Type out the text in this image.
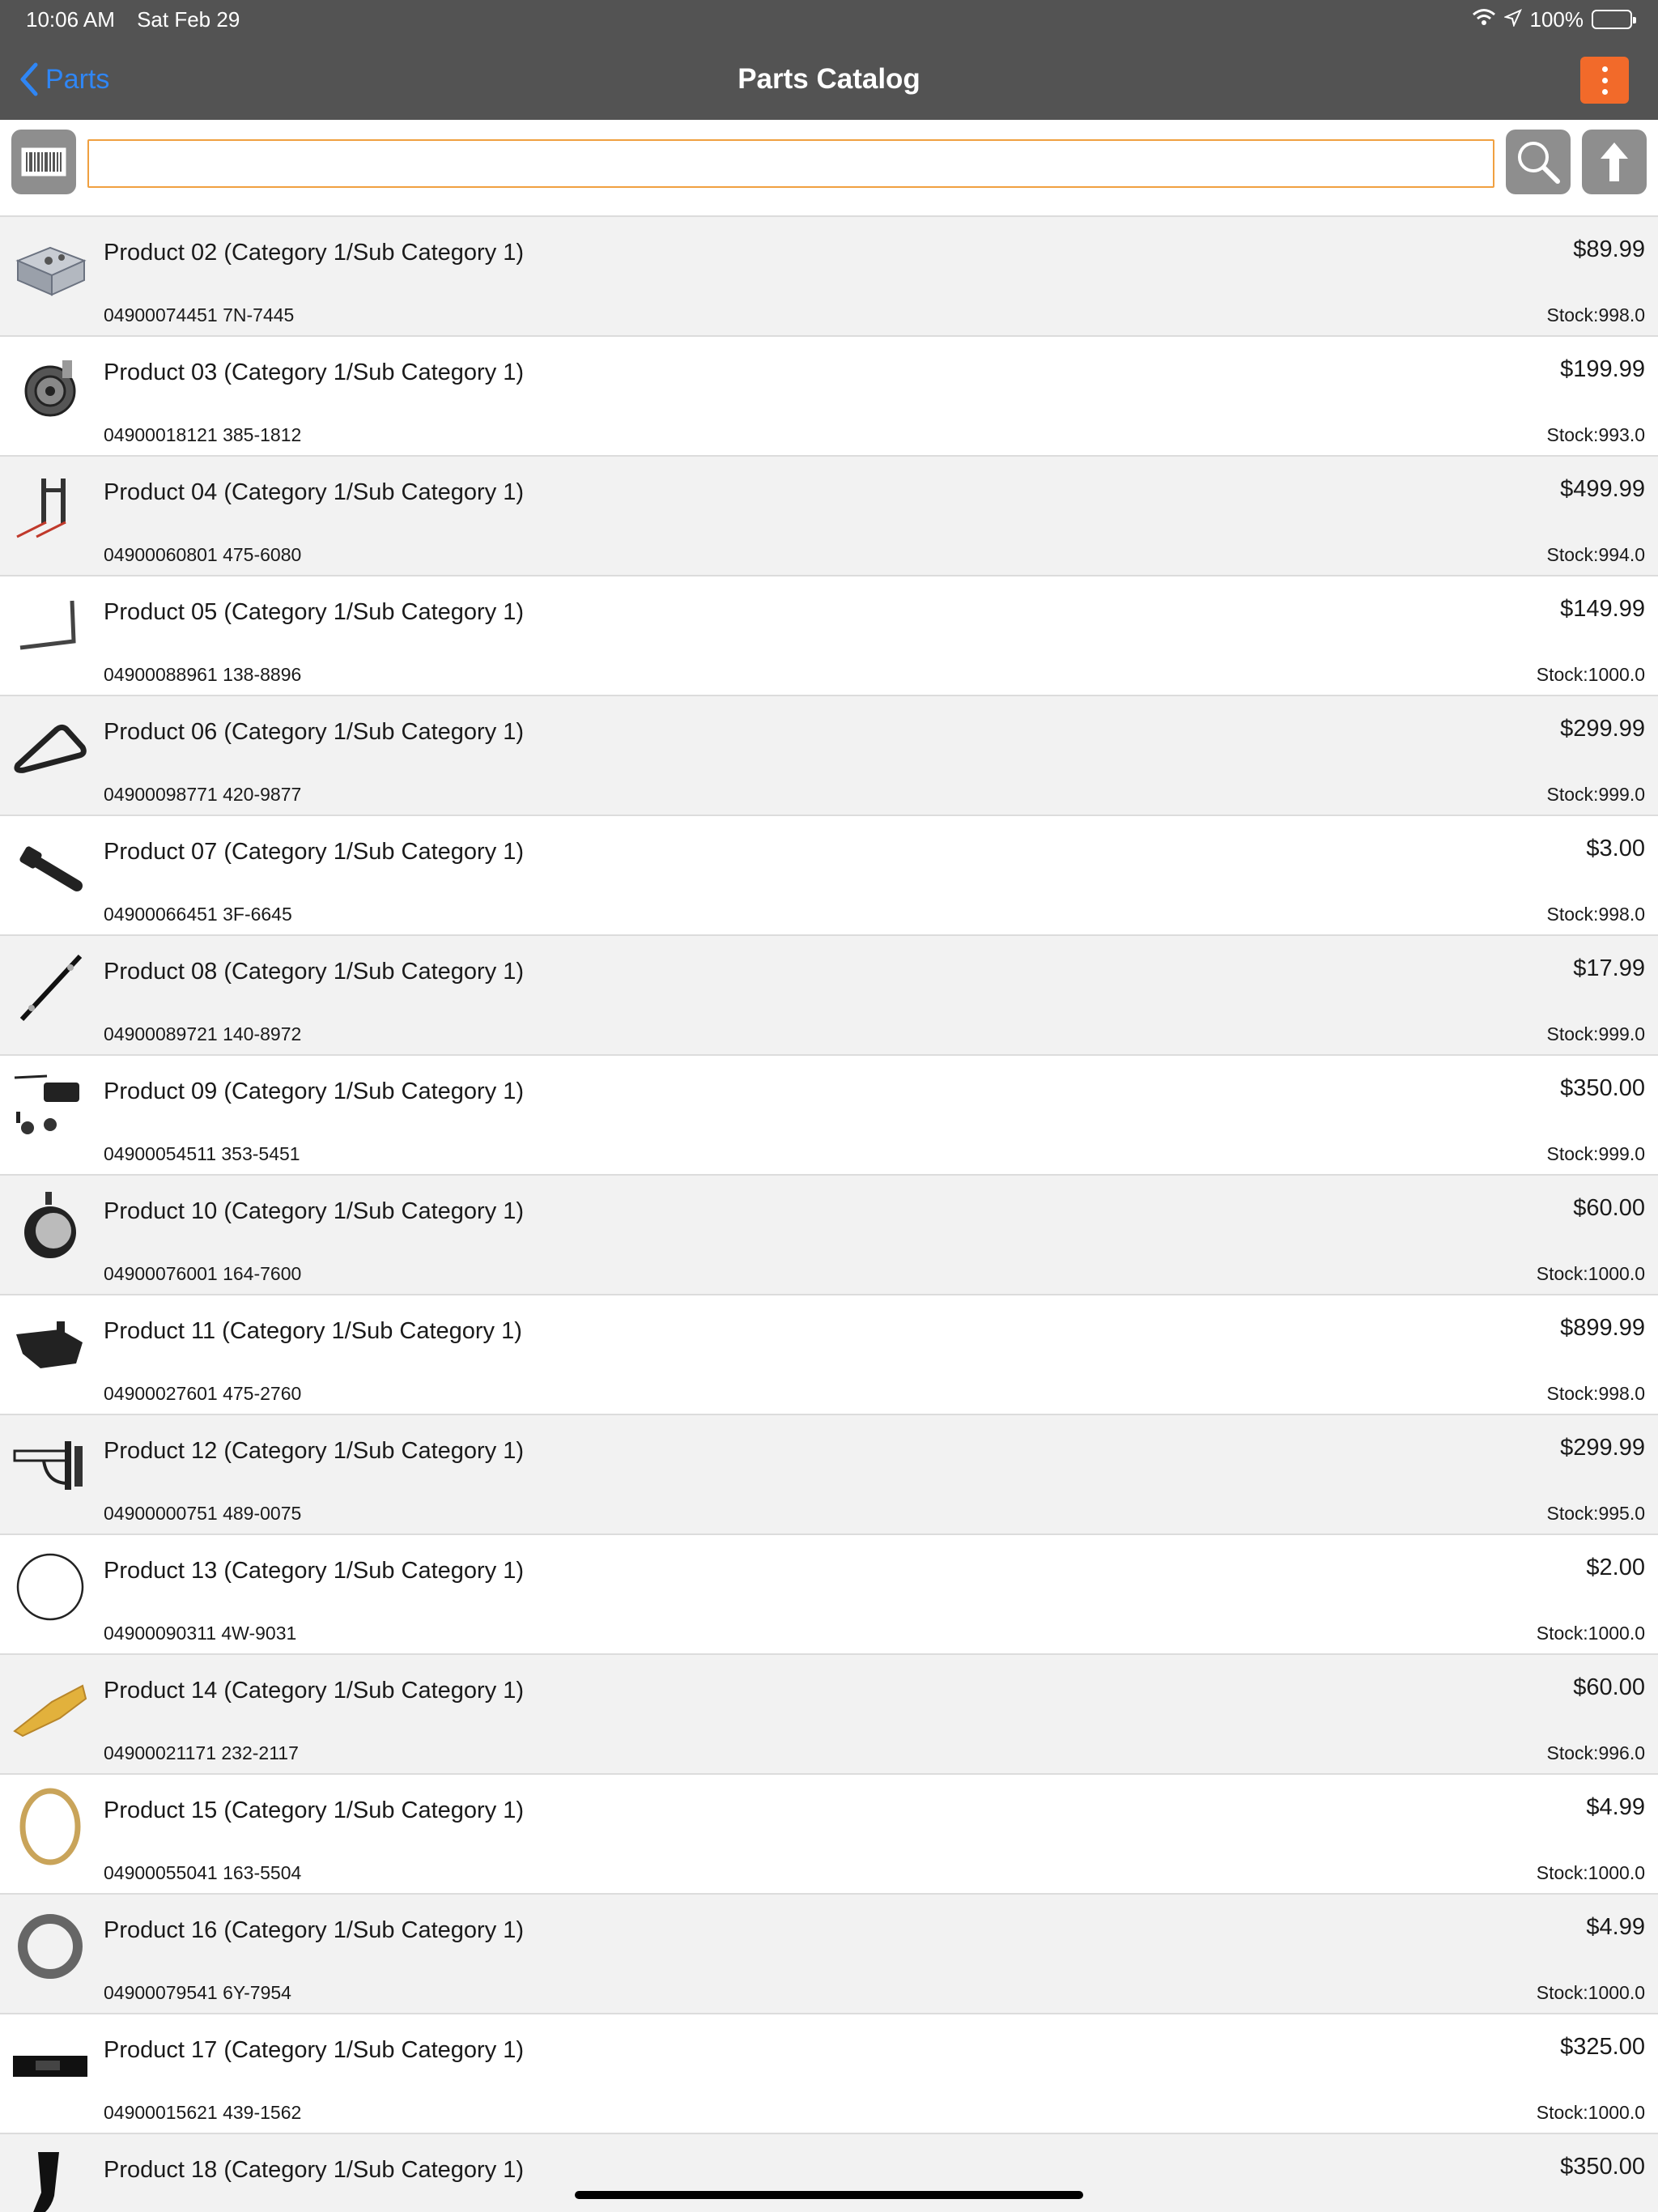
10:06 AM Sat Feb 29	100%
Parts	Parts Catalog
Product 02 (Category 1/Sub Category 1)
04900074451 7N-7445
$89.99
Stock:998.0
Product 03 (Category 1/Sub Category 1)
04900018121 385-1812
$199.99
Stock:993.0
Product 04 (Category 1/Sub Category 1)
04900060801 475-6080
$499.99
Stock:994.0
Product 05 (Category 1/Sub Category 1)
04900088961 138-8896
$149.99
Stock:1000.0
Product 06 (Category 1/Sub Category 1)
04900098771 420-9877
$299.99
Stock:999.0
Product 07 (Category 1/Sub Category 1)
04900066451 3F-6645
$3.00
Stock:998.0
Product 08 (Category 1/Sub Category 1)
04900089721 140-8972
$17.99
Stock:999.0
Product 09 (Category 1/Sub Category 1)
04900054511 353-5451
$350.00
Stock:999.0
Product 10 (Category 1/Sub Category 1)
04900076001 164-7600
$60.00
Stock:1000.0
Product 11 (Category 1/Sub Category 1)
04900027601 475-2760
$899.99
Stock:998.0
Product 12 (Category 1/Sub Category 1)
04900000751 489-0075
$299.99
Stock:995.0
Product 13 (Category 1/Sub Category 1)
04900090311 4W-9031
$2.00
Stock:1000.0
Product 14 (Category 1/Sub Category 1)
04900021171 232-2117
$60.00
Stock:996.0
Product 15 (Category 1/Sub Category 1)
04900055041 163-5504
$4.99
Stock:1000.0
Product 16 (Category 1/Sub Category 1)
04900079541 6Y-7954
$4.99
Stock:1000.0
Product 17 (Category 1/Sub Category 1)
04900015621 439-1562
$325.00
Stock:1000.0
Product 18 (Category 1/Sub Category 1)	$350.00
